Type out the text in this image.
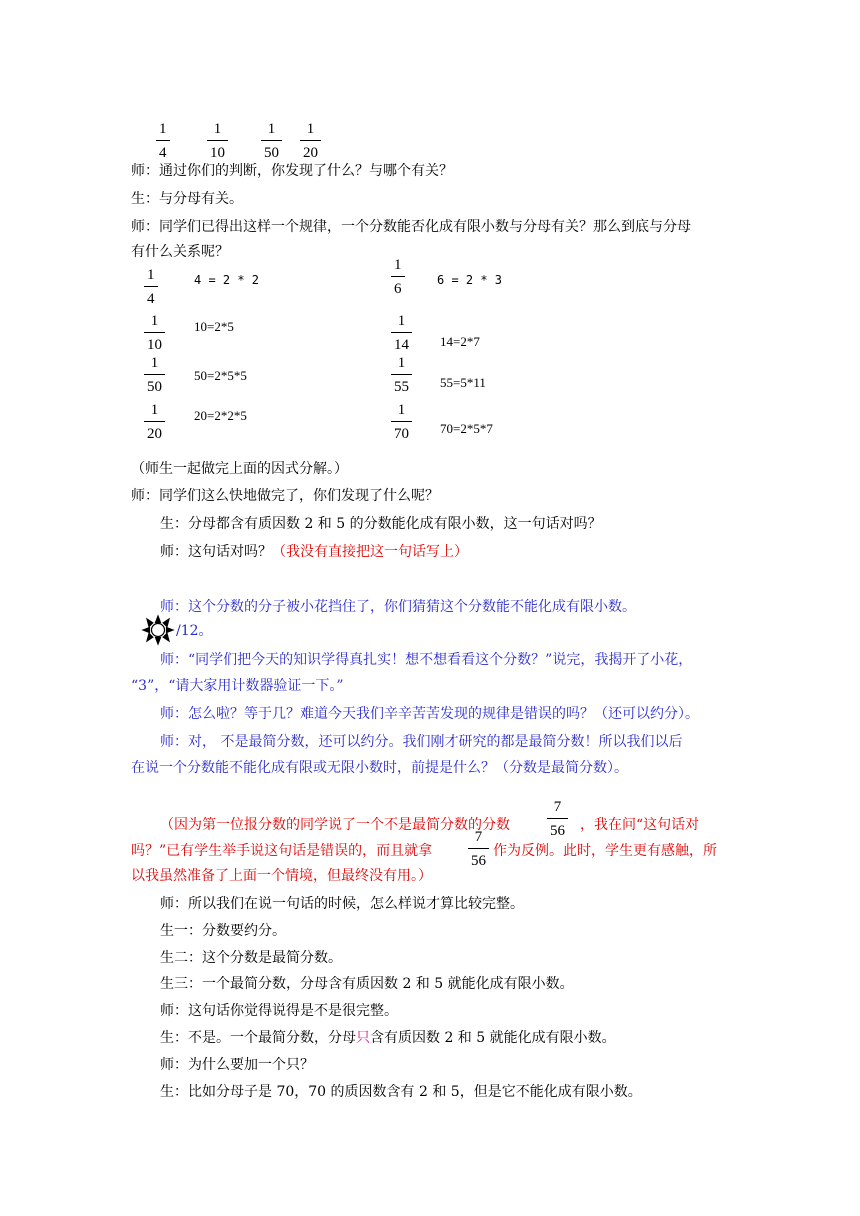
1
4
1
10
1
50
1
20
师：通过你们的判断，你发现了什么？与哪个有关？
生：与分母有关。
师：同学们已得出这样一个规律，一个分数能否化成有限小数与分母有关？那么到底与分母
有什么关系呢？
1
4
4 = 2 * 2
1
10
10=2*5
1
50
50=2*5*5
1
20
20=2*2*5
1
6
6 = 2 * 3
1
14 14=2*7
1
55 55=5*11
1
70 70=2*5*7
（师生一起做完上面的因式分解。）
师：同学们这么快地做完了，你们发现了什么呢？
生：分母都含有质因数 2 和 5 的分数能化成有限小数，这一句话对吗？
师：这句话对吗？（我没有直接把这一句话写上）
师：这个分数的分子被小花挡住了，你们猜猜这个分数能不能化成有限小数。
/12。
师：“同学们把今天的知识学得真扎实！想不想看看这个分数？”说完，我揭开了小花，
“3”，“请大家用计数器验证一下。”
师：怎么啦？等于几？难道今天我们辛辛苦苦发现的规律是错误的吗？（还可以约分）。
师：对， 不是最简分数，还可以约分。我们刚才研究的都是最简分数！所以我们以后
在说一个分数能不能化成有限或无限小数时，前提是什么？（分数是最简分数）。
（因为第一位报分数的同学说了一个不是最简分数的分数
7
56 ，我在问“这句话对
吗？”已有学生举手说这句话是错误的，而且就拿
7
56
作为反例。此时，学生更有感触，所
以我虽然准备了上面一个情境，但最终没有用。）
师：所以我们在说一句话的时候，怎么样说才算比较完整。
生一：分数要约分。
生二：这个分数是最简分数。
生三：一个最简分数，分母含有质因数 2 和 5 就能化成有限小数。
师：这句话你觉得说得是不是很完整。
生：不是。一个最简分数，分母只含有质因数 2 和 5 就能化成有限小数。
师：为什么要加一个只？
生：比如分母子是 70，70 的质因数含有 2 和 5，但是它不能化成有限小数。
